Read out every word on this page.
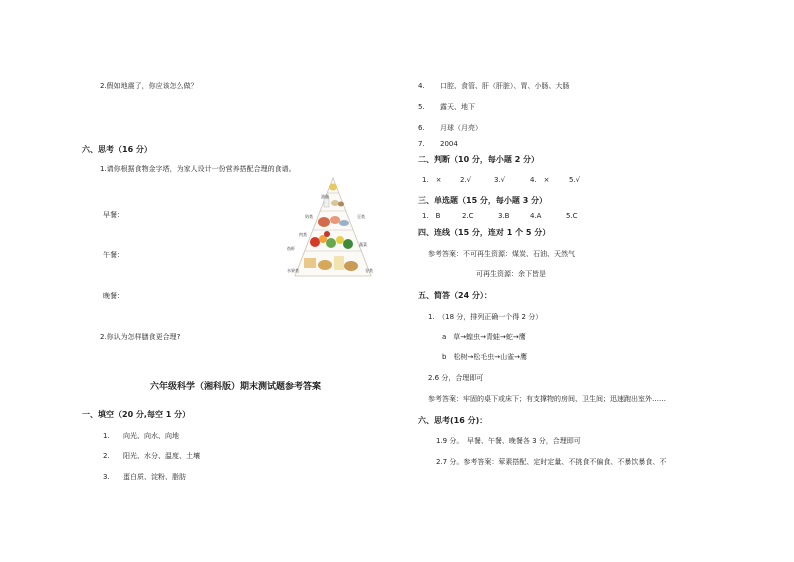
2.假如地震了，你应该怎么做？
六、思考（16 分）
1.请你根据食物金字塔，为家人设计一份营养搭配合理的食谱。
早餐：
午餐：
晚餐：
2.你认为怎样膳食更合理?
油脂
奶类	豆类
肉类
鱼虾
蔬菜
水果类	谷类
六年级科学（湘科版）期末测试题参考答案
一、填空（20 分,每空 1 分）
1. 向光、向水、向地
2. 阳光、水分、温度、土壤
3. 蛋白质、淀粉、脂肪
4. 口腔、食管、肝（肝脏）、胃、小肠、大肠
5. 露天、地下
6. 月球（月亮）
7. 2004
二、判断（10 分，每小题 2 分）
1.　×	2.√	3.√	4.　×	5.√
三、单选题（15 分，每小题 3 分）
1.　B	2.C	3.B	4.A	5.C
四、连线（15 分，连对 1 个 5 分）
参考答案：不可再生资源：煤炭、石油、天然气
可再生资源：余下皆是
五、简答（24 分）：
1.　（18 分，排列正确一个得 2 分）
a　草→蝗虫→青蛙→蛇→鹰
b　松树→松毛虫→山雀→鹰
2.6 分，合理即可
参考答案：牢固的桌下或床下；有支撑物的房间、卫生间；迅速跑出室外……
六、思考(16 分)：
1.9 分。　早餐、午餐、晚餐各 3 分，合理即可
2.7 分。参考答案：荤素搭配、定时定量、不挑食不偏食、不暴饮暴食、不
